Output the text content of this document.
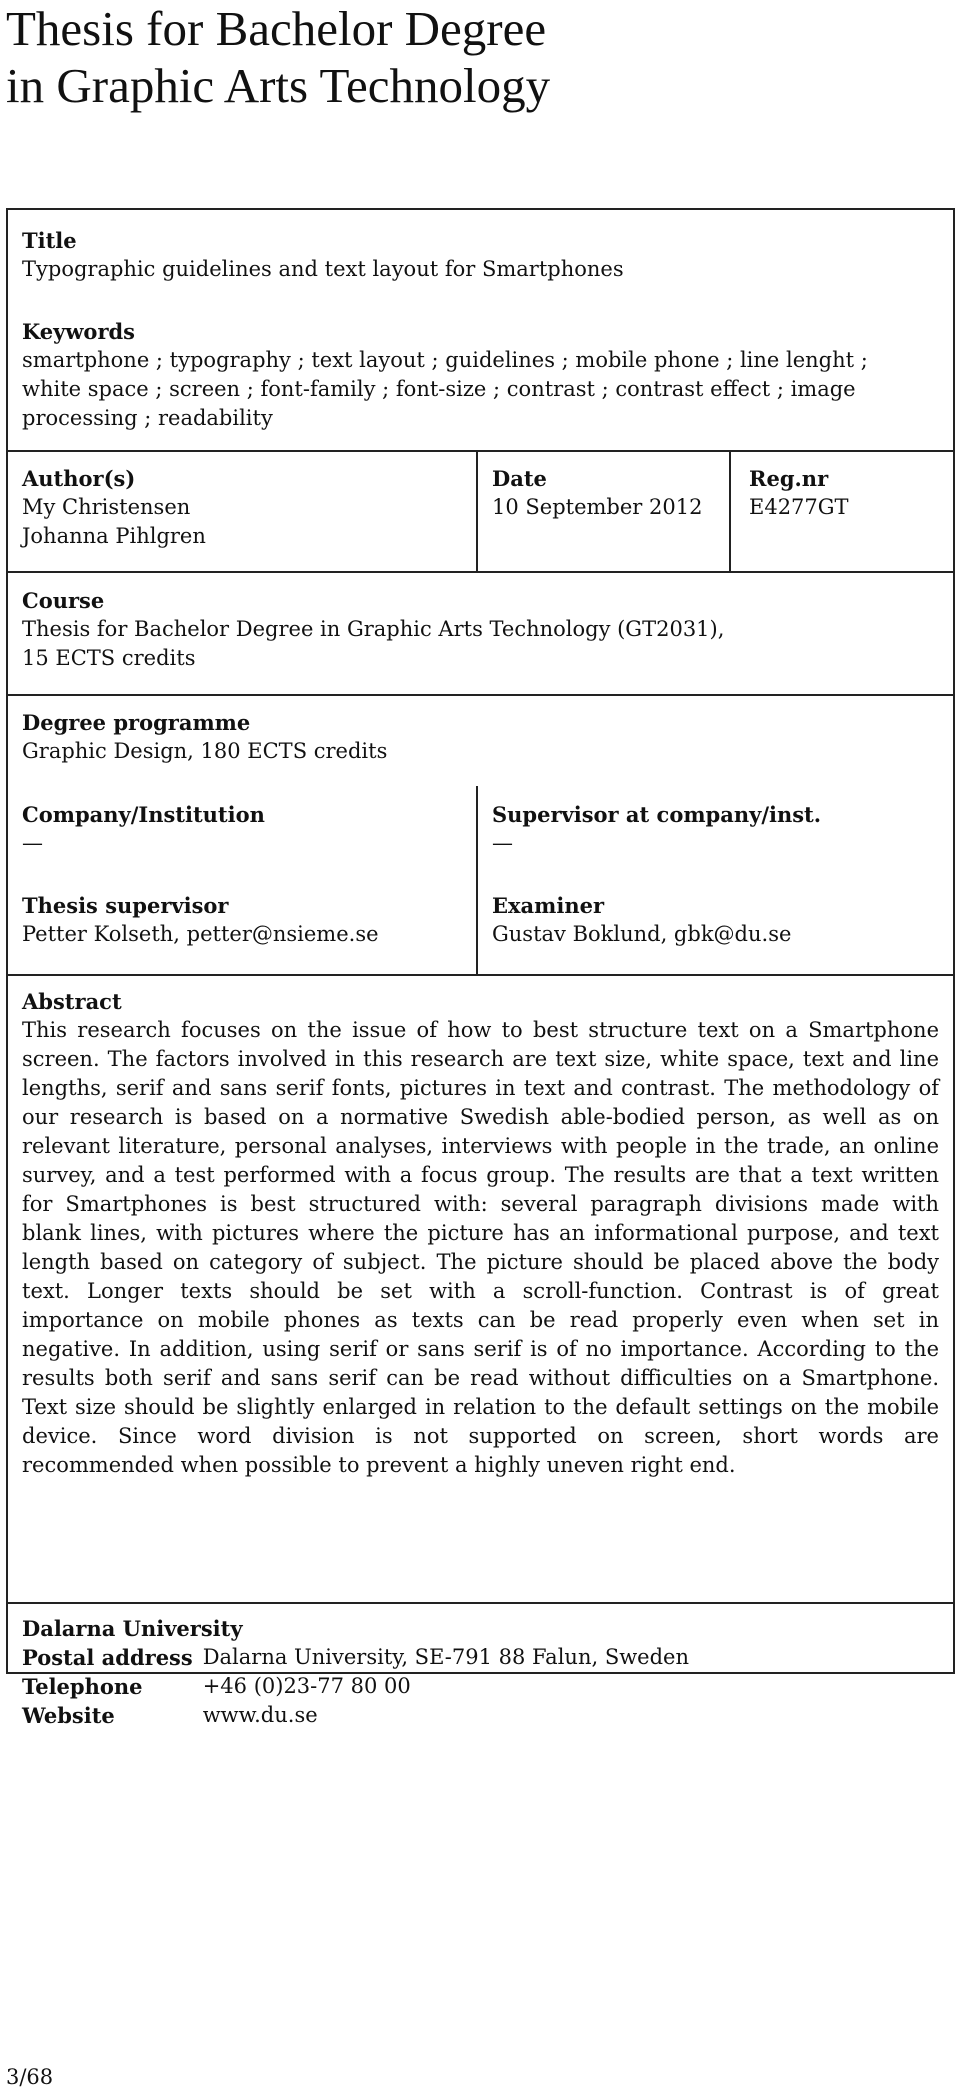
Thesis for Bachelor Degree
in Graphic Arts Technology
Title
Typographic guidelines and text layout for Smartphones
Keywords
smartphone ; typography ; text layout ; guidelines ; mobile phone ; line lenght ;
white space ; screen ; font-family ; font-size ; contrast ; contrast effect ; image
processing ; readability
Author(s)
My Christensen
Johanna Pihlgren
Date
10 September 2012
Reg.nr
E4277GT
Course
Thesis for Bachelor Degree in Graphic Arts Technology (GT2031),
15 ECTS credits
Degree programme
Graphic Design, 180 ECTS credits
Company/Institution
—
Supervisor at company/inst.
—
Thesis supervisor
Petter Kolseth, petter@nsieme.se
Examiner
Gustav Boklund, gbk@du.se
Abstract
This research focuses on the issue of how to best structure text on a Smartphone screen. The factors involved in this research are text size, white space, text and line lengths, serif and sans serif fonts, pictures in text and contrast. The methodology of our research is based on a normative Swedish able-bodied person, as well as on relevant literature, personal analyses, interviews with people in the trade, an online survey, and a test performed with a focus group. The results are that a text written for Smartphones is best structured with: several paragraph divisions made with blank lines, with pictures where the picture has an informational purpose, and text length based on category of subject. The picture should be placed above the body text. Longer texts should be set with a scroll-function. Contrast is of great importance on mobile phones as texts can be read properly even when set in negative. In addition, using serif or sans serif is of no importance. According to the results both serif and sans serif can be read without difficulties on a Smartphone. Text size should be slightly enlarged in relation to the default settings on the mobile device. Since word division is not supported on screen, short words are recommended when possible to prevent a highly uneven right end.
Dalarna University
Postal address	Dalarna University, SE-791 88 Falun, Sweden
Telephone	+46 (0)23-77 80 00
Website	www.du.se
3/68
